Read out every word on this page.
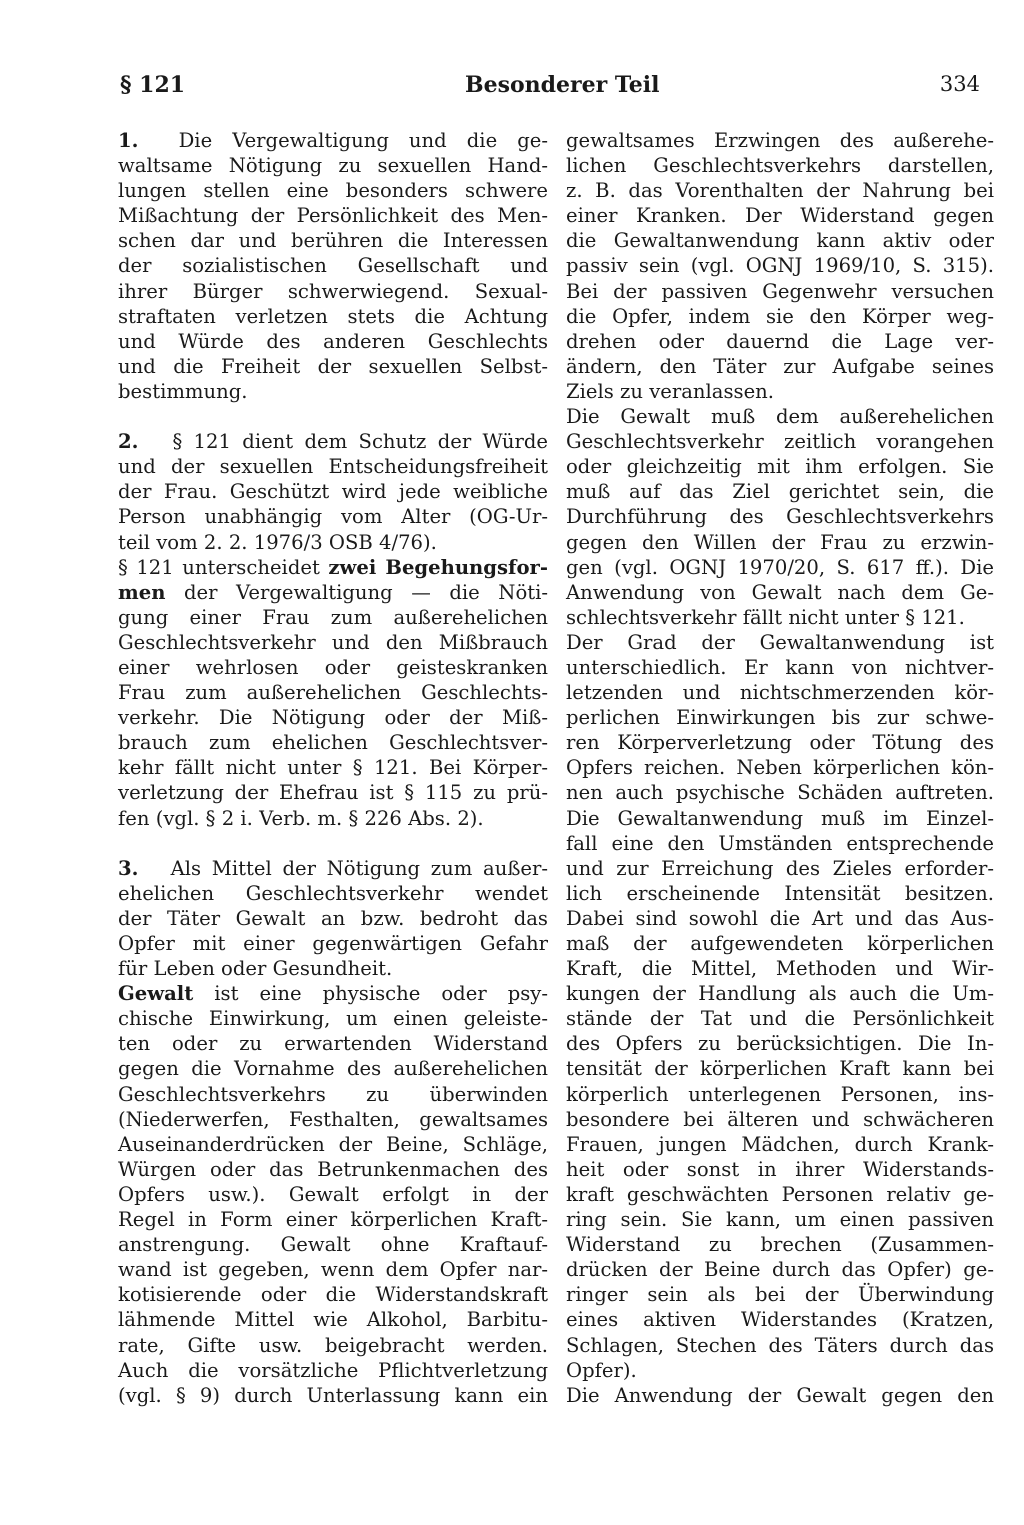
§ 121	Besonderer Teil	334
1. Die Vergewaltigung und die ge-
waltsame Nötigung zu sexuellen Hand-
lungen stellen eine besonders schwere
Mißachtung der Persönlichkeit des Men-
schen dar und berühren die Interessen
der sozialistischen Gesellschaft und
ihrer Bürger schwerwiegend. Sexual-
straftaten verletzen stets die Achtung
und Würde des anderen Geschlechts
und die Freiheit der sexuellen Selbst-
bestimmung.
2. § 121 dient dem Schutz der Würde
und der sexuellen Entscheidungsfreiheit
der Frau. Geschützt wird jede weibliche
Person unabhängig vom Alter (OG-Ur-
teil vom 2. 2. 1976/3 OSB 4/76).
§ 121 unterscheidet zwei Begehungsfor-
men der Vergewaltigung — die Nöti-
gung einer Frau zum außerehelichen
Geschlechtsverkehr und den Mißbrauch
einer wehrlosen oder geisteskranken
Frau zum außerehelichen Geschlechts-
verkehr. Die Nötigung oder der Miß-
brauch zum ehelichen Geschlechtsver-
kehr fällt nicht unter § 121. Bei Körper-
verletzung der Ehefrau ist § 115 zu prü-
fen (vgl. § 2 i. Verb. m. § 226 Abs. 2).
3. Als Mittel der Nötigung zum außer-
ehelichen Geschlechtsverkehr wendet
der Täter Gewalt an bzw. bedroht das
Opfer mit einer gegenwärtigen Gefahr
für Leben oder Gesundheit.
Gewalt ist eine physische oder psy-
chische Einwirkung, um einen geleiste-
ten oder zu erwartenden Widerstand
gegen die Vornahme des außerehelichen
Geschlechtsverkehrs zu überwinden
(Niederwerfen, Festhalten, gewaltsames
Auseinanderdrücken der Beine, Schläge,
Würgen oder das Betrunkenmachen des
Opfers usw.). Gewalt erfolgt in der
Regel in Form einer körperlichen Kraft-
anstrengung. Gewalt ohne Kraftauf-
wand ist gegeben, wenn dem Opfer nar-
kotisierende oder die Widerstandskraft
lähmende Mittel wie Alkohol, Barbitu-
rate, Gifte usw. beigebracht werden.
Auch die vorsätzliche Pflichtverletzung
(vgl. § 9) durch Unterlassung kann ein
gewaltsames Erzwingen des außerehe-
lichen Geschlechtsverkehrs darstellen,
z. B. das Vorenthalten der Nahrung bei
einer Kranken. Der Widerstand gegen
die Gewaltanwendung kann aktiv oder
passiv sein (vgl. OGNJ 1969/10, S. 315).
Bei der passiven Gegenwehr versuchen
die Opfer, indem sie den Körper weg-
drehen oder dauernd die Lage ver-
ändern, den Täter zur Aufgabe seines
Ziels zu veranlassen.
Die Gewalt muß dem außerehelichen
Geschlechtsverkehr zeitlich vorangehen
oder gleichzeitig mit ihm erfolgen. Sie
muß auf das Ziel gerichtet sein, die
Durchführung des Geschlechtsverkehrs
gegen den Willen der Frau zu erzwin-
gen (vgl. OGNJ 1970/20, S. 617 ff.). Die
Anwendung von Gewalt nach dem Ge-
schlechtsverkehr fällt nicht unter § 121.
Der Grad der Gewaltanwendung ist
unterschiedlich. Er kann von nichtver-
letzenden und nichtschmerzenden kör-
perlichen Einwirkungen bis zur schwe-
ren Körperverletzung oder Tötung des
Opfers reichen. Neben körperlichen kön-
nen auch psychische Schäden auftreten.
Die Gewaltanwendung muß im Einzel-
fall eine den Umständen entsprechende
und zur Erreichung des Zieles erforder-
lich erscheinende Intensität besitzen.
Dabei sind sowohl die Art und das Aus-
maß der aufgewendeten körperlichen
Kraft, die Mittel, Methoden und Wir-
kungen der Handlung als auch die Um-
stände der Tat und die Persönlichkeit
des Opfers zu berücksichtigen. Die In-
tensität der körperlichen Kraft kann bei
körperlich unterlegenen Personen, ins-
besondere bei älteren und schwächeren
Frauen, jungen Mädchen, durch Krank-
heit oder sonst in ihrer Widerstands-
kraft geschwächten Personen relativ ge-
ring sein. Sie kann, um einen passiven
Widerstand zu brechen (Zusammen-
drücken der Beine durch das Opfer) ge-
ringer sein als bei der Überwindung
eines aktiven Widerstandes (Kratzen,
Schlagen, Stechen des Täters durch das
Opfer).
Die Anwendung der Gewalt gegen den
